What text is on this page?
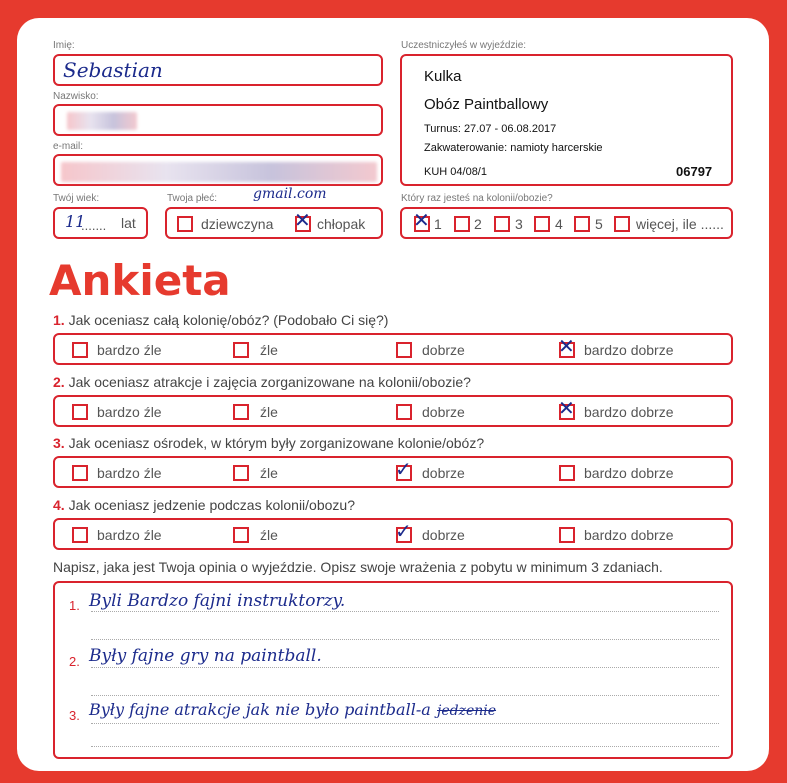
Imię:
Sebastian
Nazwisko:
e-mail:
gmail.com
Twój wiek:
11
....... lat
Twoja płeć:
dziewczyna ✕ chłopak
Uczestniczyłeś w wyjeździe:
Kulka
Obóz Paintballowy
Turnus: 27.07 - 06.08.2017
Zakwaterowanie: namioty harcerskie
KUH 04/08/1	06797
Który raz jesteś na kolonii/obozie?
✕ 1 2 3 4 5 więcej, ile ......
Ankieta
1. Jak oceniasz całą kolonię/obóz? (Podobało Ci się?)
bardzo źle	źle	dobrze	✕ bardzo dobrze
2. Jak oceniasz atrakcje i zajęcia zorganizowane na kolonii/obozie?
bardzo źle	źle	dobrze	✕ bardzo dobrze
3. Jak oceniasz ośrodek, w którym były zorganizowane kolonie/obóz?
bardzo źle	źle	✓ dobrze	bardzo dobrze
4. Jak oceniasz jedzenie podczas kolonii/obozu?
bardzo źle	źle	✓ dobrze	bardzo dobrze
Napisz, jaka jest Twoja opinia o wyjeździe. Opisz swoje wrażenia z pobytu w minimum 3 zdaniach.
1. Byli Bardzo fajni instruktorzy.
2. Były fajne gry na paintball.
3. Były fajne atrakcje jak nie było paintball-a jedzenie
